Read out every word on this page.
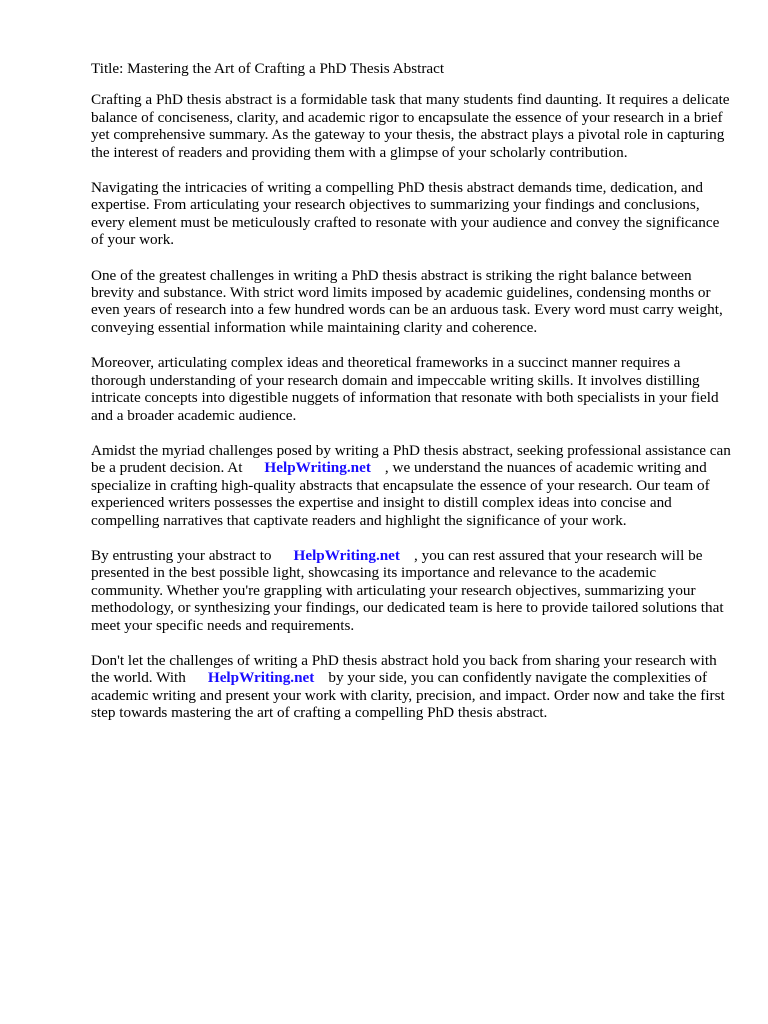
Title: Mastering the Art of Crafting a PhD Thesis Abstract

Crafting a PhD thesis abstract is a formidable task that many students find daunting. It requires a delicate balance of conciseness, clarity, and academic rigor to encapsulate the essence of your research in a brief yet comprehensive summary. As the gateway to your thesis, the abstract plays a pivotal role in capturing the interest of readers and providing them with a glimpse of your scholarly contribution.

Navigating the intricacies of writing a compelling PhD thesis abstract demands time, dedication, and expertise. From articulating your research objectives to summarizing your findings and conclusions, every element must be meticulously crafted to resonate with your audience and convey the significance of your work.

One of the greatest challenges in writing a PhD thesis abstract is striking the right balance between brevity and substance. With strict word limits imposed by academic guidelines, condensing months or even years of research into a few hundred words can be an arduous task. Every word must carry weight, conveying essential information while maintaining clarity and coherence.

Moreover, articulating complex ideas and theoretical frameworks in a succinct manner requires a thorough understanding of your research domain and impeccable writing skills. It involves distilling intricate concepts into digestible nuggets of information that resonate with both specialists in your field and a broader academic audience.

Amidst the myriad challenges posed by writing a PhD thesis abstract, seeking professional assistance can be a prudent decision. At HelpWriting.net , we understand the nuances of academic writing and specialize in crafting high-quality abstracts that encapsulate the essence of your research. Our team of experienced writers possesses the expertise and insight to distill complex ideas into concise and compelling narratives that captivate readers and highlight the significance of your work.

By entrusting your abstract to HelpWriting.net , you can rest assured that your research will be presented in the best possible light, showcasing its importance and relevance to the academic community. Whether you're grappling with articulating your research objectives, summarizing your methodology, or synthesizing your findings, our dedicated team is here to provide tailored solutions that meet your specific needs and requirements.

Don't let the challenges of writing a PhD thesis abstract hold you back from sharing your research with the world. With HelpWriting.net by your side, you can confidently navigate the complexities of academic writing and present your work with clarity, precision, and impact. Order now and take the first step towards mastering the art of crafting a compelling PhD thesis abstract.
